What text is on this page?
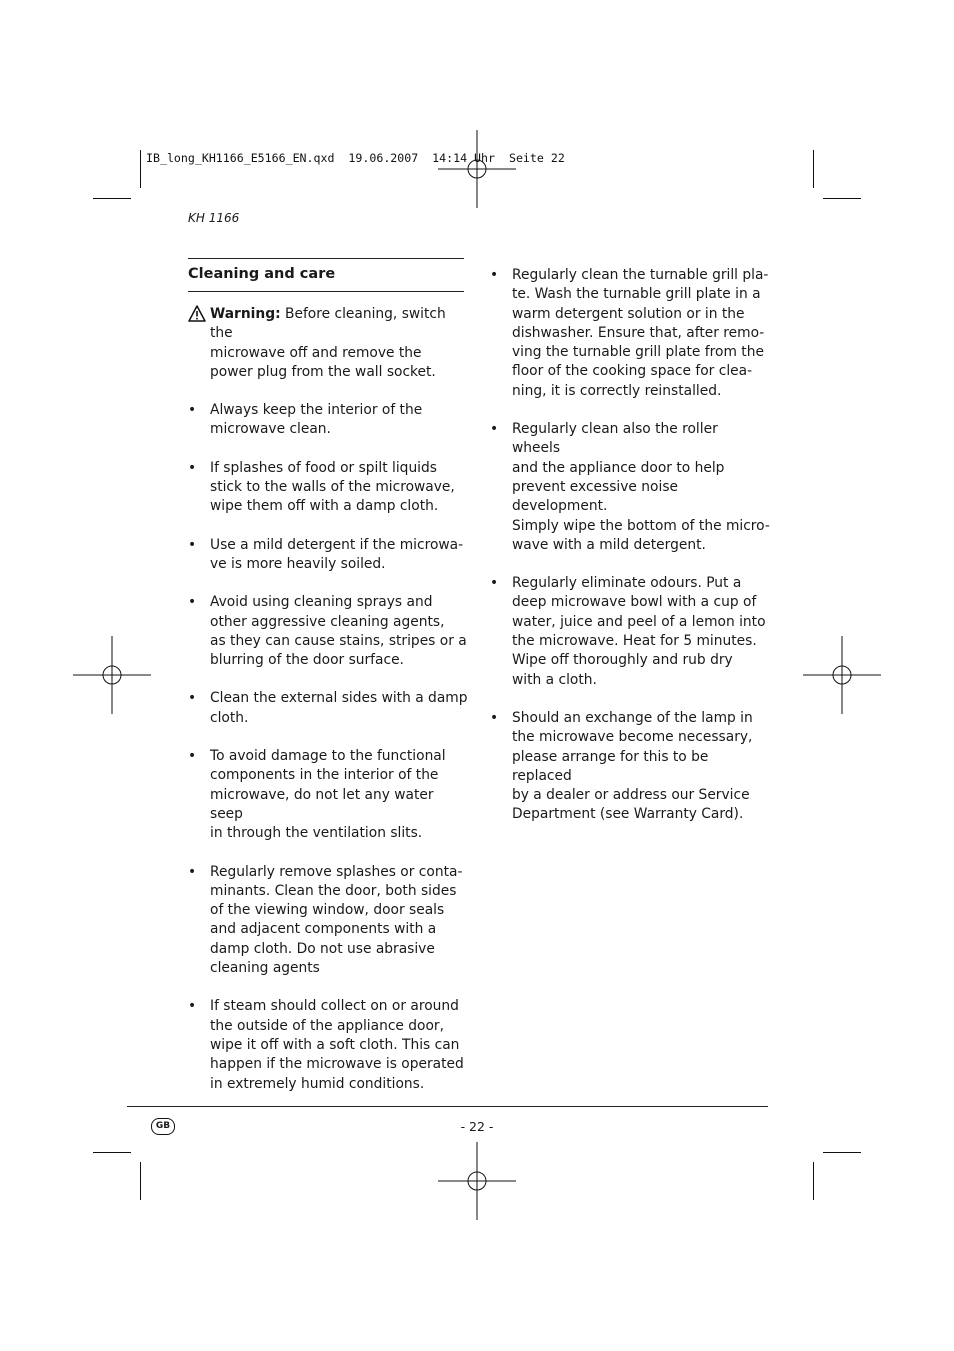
IB_long_KH1166_E5166_EN.qxd  19.06.2007  14:14 Uhr  Seite 22
KH 1166
Cleaning and care
Warning: Before cleaning, switch the
microwave off and remove the
power plug from the wall socket.
• Always keep the interior of the
microwave clean.
• If splashes of food or spilt liquids
stick to the walls of the microwave,
wipe them off with a damp cloth.
• Use a mild detergent if the microwa-
ve is more heavily soiled.
• Avoid using cleaning sprays and
other aggressive cleaning agents,
as they can cause stains, stripes or a
blurring of the door surface.
• Clean the external sides with a damp
cloth.
• To avoid damage to the functional
components in the interior of the
microwave, do not let any water seep
in through the ventilation slits.
• Regularly remove splashes or conta-
minants. Clean the door, both sides
of the viewing window, door seals
and adjacent components with a
damp cloth. Do not use abrasive
cleaning agents
• If steam should collect on or around
the outside of the appliance door,
wipe it off with a soft cloth. This can
happen if the microwave is operated
in extremely humid conditions.
• Regularly clean the turnable grill pla-
te. Wash the turnable grill plate in a
warm detergent solution or in the
dishwasher. Ensure that, after remo-
ving the turnable grill plate from the
floor of the cooking space for clea-
ning, it is correctly reinstalled.
• Regularly clean also the roller wheels
and the appliance door to help
prevent excessive noise development.
Simply wipe the bottom of the micro-
wave with a mild detergent.
• Regularly eliminate odours. Put a
deep microwave bowl with a cup of
water, juice and peel of a lemon into
the microwave. Heat for 5 minutes.
Wipe off thoroughly and rub dry
with a cloth.
• Should an exchange of the lamp in
the microwave become necessary,
please arrange for this to be replaced
by a dealer or address our Service
Department (see Warranty Card).
GB	- 22 -
